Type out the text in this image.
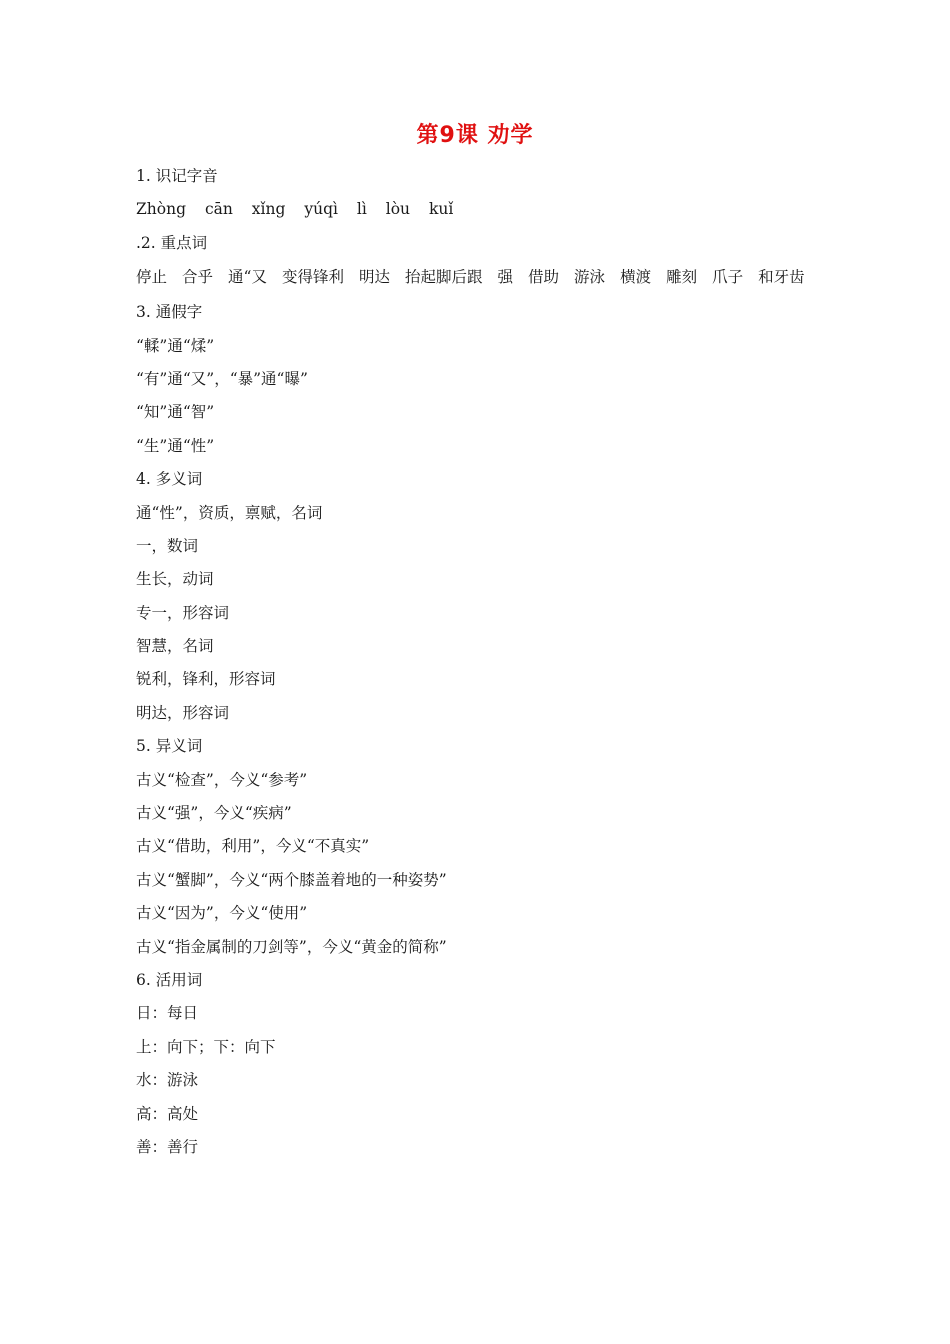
第9课 劝学
1. 识记字音
Zhòng cān xǐng yúqì lì lòu kuǐ
.2. 重点词
停止 合乎 通“又 变得锋利 明达 抬起脚后跟 强 借助 游泳 横渡 雕刻 爪子 和牙齿
3. 通假字
“輮”通“煣”
“有”通“又”，“暴”通“曝”
“知”通“智”
“生”通“性”
4. 多义词
通“性”，资质，禀赋，名词
一，数词
生长，动词
专一，形容词
智慧，名词
锐利，锋利，形容词
明达，形容词
5. 异义词
古义“检查”，今义“参考”
古义“强”，今义“疾病”
古义“借助，利用”，今义“不真实”
古义“蟹脚”，今义“两个膝盖着地的一种姿势”
古义“因为”，今义“使用”
古义“指金属制的刀剑等”，今义“黄金的简称”
6. 活用词
日：每日
上：向下；下：向下
水：游泳
高：高处
善：善行
